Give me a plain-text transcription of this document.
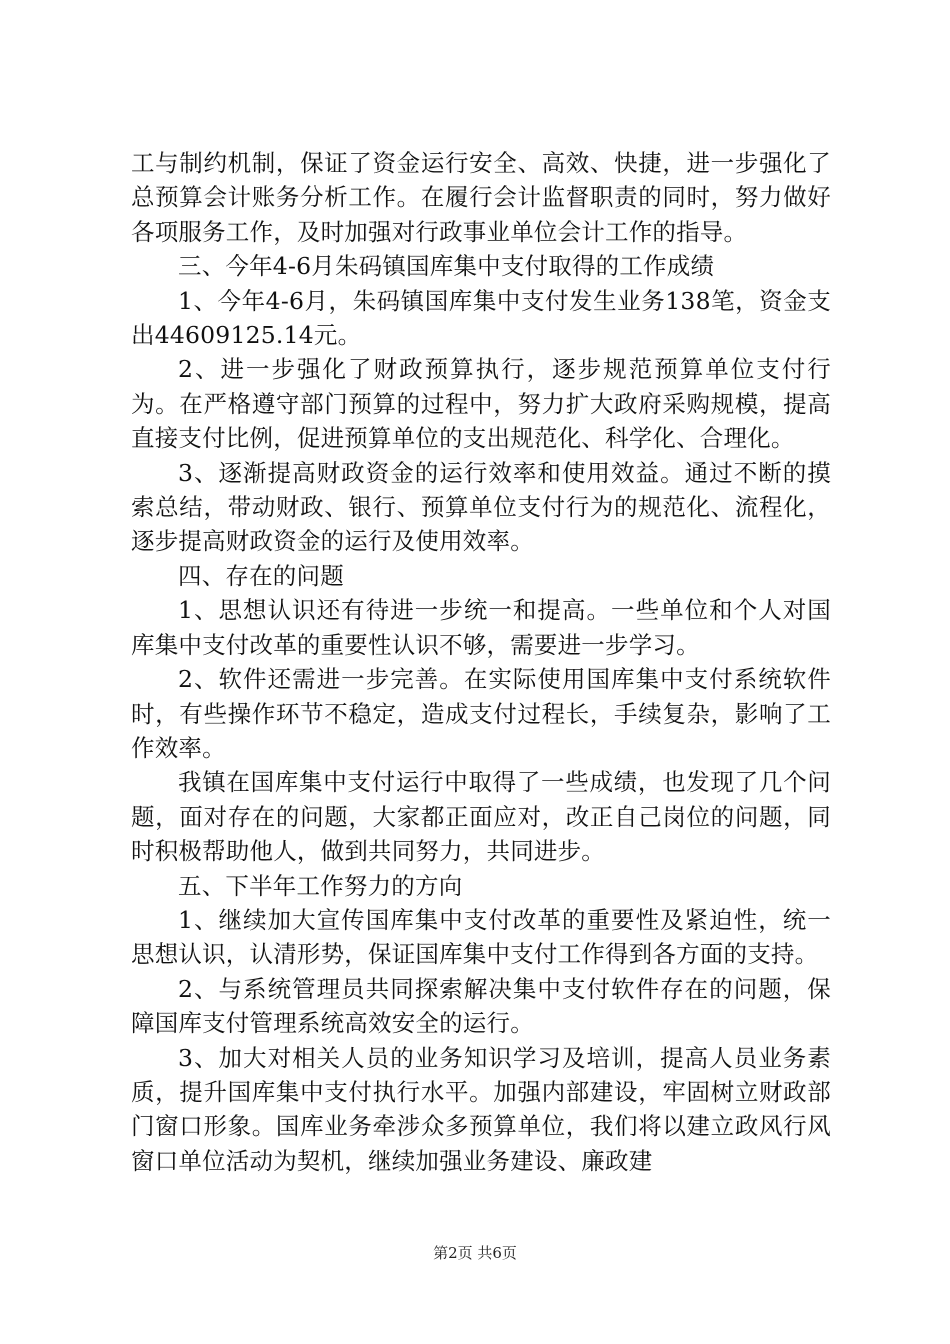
工与制约机制，保证了资金运行安全、高效、快捷，进一步强化了总预算会计账务分析工作。在履行会计监督职责的同时，努力做好各项服务工作，及时加强对行政事业单位会计工作的指导。

三、今年4-6月朱码镇国库集中支付取得的工作成绩

1、今年4-6月，朱码镇国库集中支付发生业务138笔，资金支出44609125.14元。

2、进一步强化了财政预算执行，逐步规范预算单位支付行为。在严格遵守部门预算的过程中，努力扩大政府采购规模，提高直接支付比例，促进预算单位的支出规范化、科学化、合理化。

3、逐渐提高财政资金的运行效率和使用效益。通过不断的摸索总结，带动财政、银行、预算单位支付行为的规范化、流程化，逐步提高财政资金的运行及使用效率。

四、存在的问题

1、思想认识还有待进一步统一和提高。一些单位和个人对国库集中支付改革的重要性认识不够，需要进一步学习。

2、软件还需进一步完善。在实际使用国库集中支付系统软件时，有些操作环节不稳定，造成支付过程长，手续复杂，影响了工作效率。

我镇在国库集中支付运行中取得了一些成绩，也发现了几个问题，面对存在的问题，大家都正面应对，改正自己岗位的问题，同时积极帮助他人，做到共同努力，共同进步。

五、下半年工作努力的方向

1、继续加大宣传国库集中支付改革的重要性及紧迫性，统一思想认识，认清形势，保证国库集中支付工作得到各方面的支持。

2、与系统管理员共同探索解决集中支付软件存在的问题，保障国库支付管理系统高效安全的运行。

3、加大对相关人员的业务知识学习及培训，提高人员业务素质，提升国库集中支付执行水平。加强内部建设，牢固树立财政部门窗口形象。国库业务牵涉众多预算单位，我们将以建立政风行风窗口单位活动为契机，继续加强业务建设、廉政建

第2页 共6页
